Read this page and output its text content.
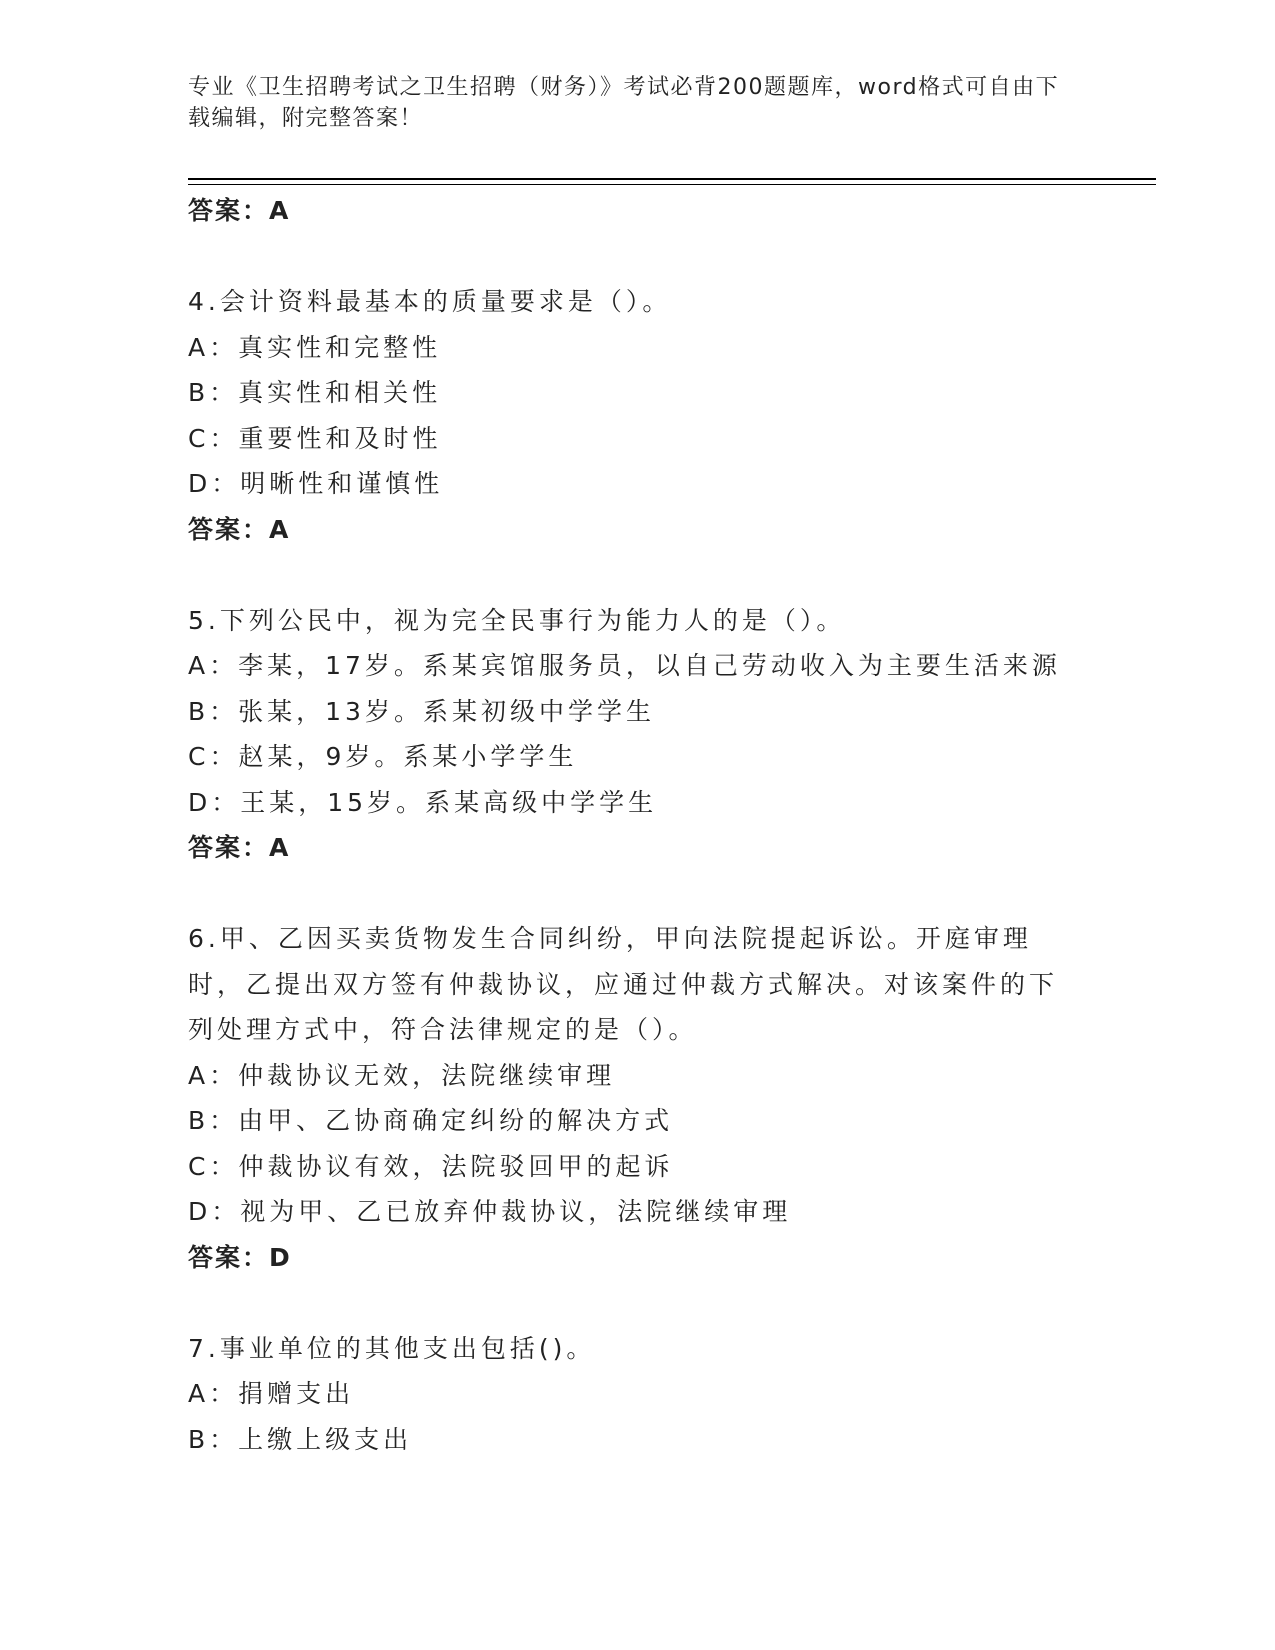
专业《卫生招聘考试之卫生招聘（财务）》考试必背200题题库，word格式可自由下载编辑，附完整答案！
答案：A
4.会计资料最基本的质量要求是（）。
A：真实性和完整性
B：真实性和相关性
C：重要性和及时性
D：明晰性和谨慎性
答案：A
5.下列公民中，视为完全民事行为能力人的是（）。
A：李某，17岁。系某宾馆服务员，以自己劳动收入为主要生活来源
B：张某，13岁。系某初级中学学生
C：赵某，9岁。系某小学学生
D：王某，15岁。系某高级中学学生
答案：A
6.甲、乙因买卖货物发生合同纠纷，甲向法院提起诉讼。开庭审理时，乙提出双方签有仲裁协议，应通过仲裁方式解决。对该案件的下列处理方式中，符合法律规定的是（）。
A：仲裁协议无效，法院继续审理
B：由甲、乙协商确定纠纷的解决方式
C：仲裁协议有效，法院驳回甲的起诉
D：视为甲、乙已放弃仲裁协议，法院继续审理
答案：D
7.事业单位的其他支出包括()。
A：捐赠支出
B：上缴上级支出
